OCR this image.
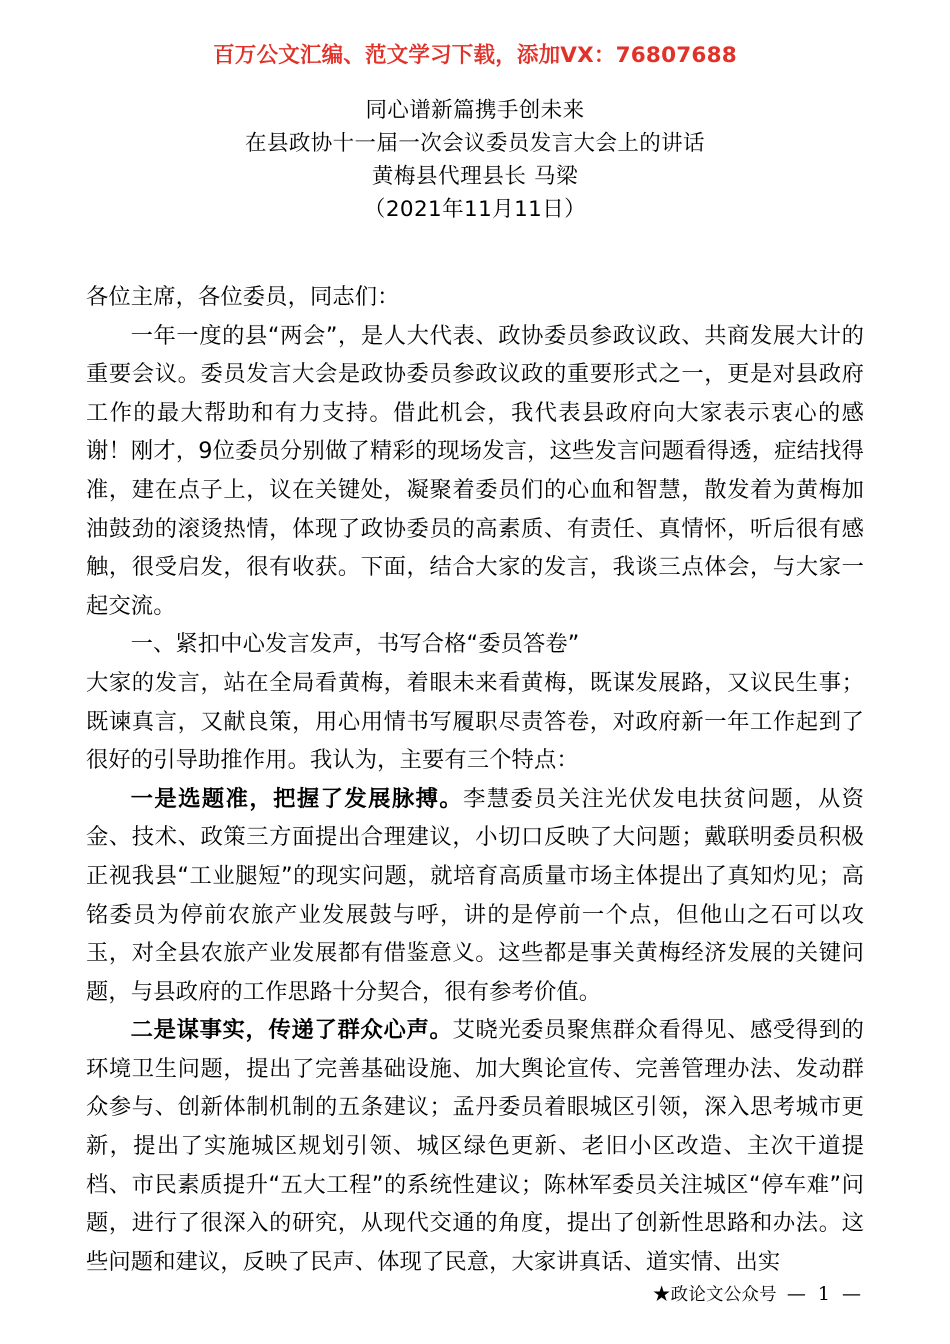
百万公文汇编、范文学习下载，添加VX：76807688
同心谱新篇携手创未来
在县政协十一届一次会议委员发言大会上的讲话
黄梅县代理县长 马梁
（2021年11月11日）

各位主席，各位委员，同志们：

一年一度的县“两会”，是人大代表、政协委员参政议政、共商发展大计的重要会议。委员发言大会是政协委员参政议政的重要形式之一，更是对县政府工作的最大帮助和有力支持。借此机会，我代表县政府向大家表示衷心的感谢！刚才，9位委员分别做了精彩的现场发言，这些发言问题看得透，症结找得准，建在点子上，议在关键处，凝聚着委员们的心血和智慧，散发着为黄梅加油鼓劲的滚烫热情，体现了政协委员的高素质、有责任、真情怀，听后很有感触，很受启发，很有收获。下面，结合大家的发言，我谈三点体会，与大家一起交流。

一、紧扣中心发言发声，书写合格“委员答卷”

大家的发言，站在全局看黄梅，着眼未来看黄梅，既谋发展路，又议民生事；既谏真言，又献良策，用心用情书写履职尽责答卷，对政府新一年工作起到了很好的引导助推作用。我认为，主要有三个特点：

一是选题准，把握了发展脉搏。李慧委员关注光伏发电扶贫问题，从资金、技术、政策三方面提出合理建议，小切口反映了大问题；戴联明委员积极正视我县“工业腿短”的现实问题，就培育高质量市场主体提出了真知灼见；高铭委员为停前农旅产业发展鼓与呼，讲的是停前一个点，但他山之石可以攻玉，对全县农旅产业发展都有借鉴意义。这些都是事关黄梅经济发展的关键问题，与县政府的工作思路十分契合，很有参考价值。

二是谋事实，传递了群众心声。艾晓光委员聚焦群众看得见、感受得到的环境卫生问题，提出了完善基础设施、加大舆论宣传、完善管理办法、发动群众参与、创新体制机制的五条建议；孟丹委员着眼城区引领，深入思考城市更新，提出了实施城区规划引领、城区绿色更新、老旧小区改造、主次干道提档、市民素质提升“五大工程”的系统性建议；陈林军委员关注城区“停车难”问题，进行了很深入的研究，从现代交通的角度，提出了创新性思路和办法。这些问题和建议，反映了民声、体现了民意，大家讲真话、道实情、出实

★政论文公众号 — 1 —
